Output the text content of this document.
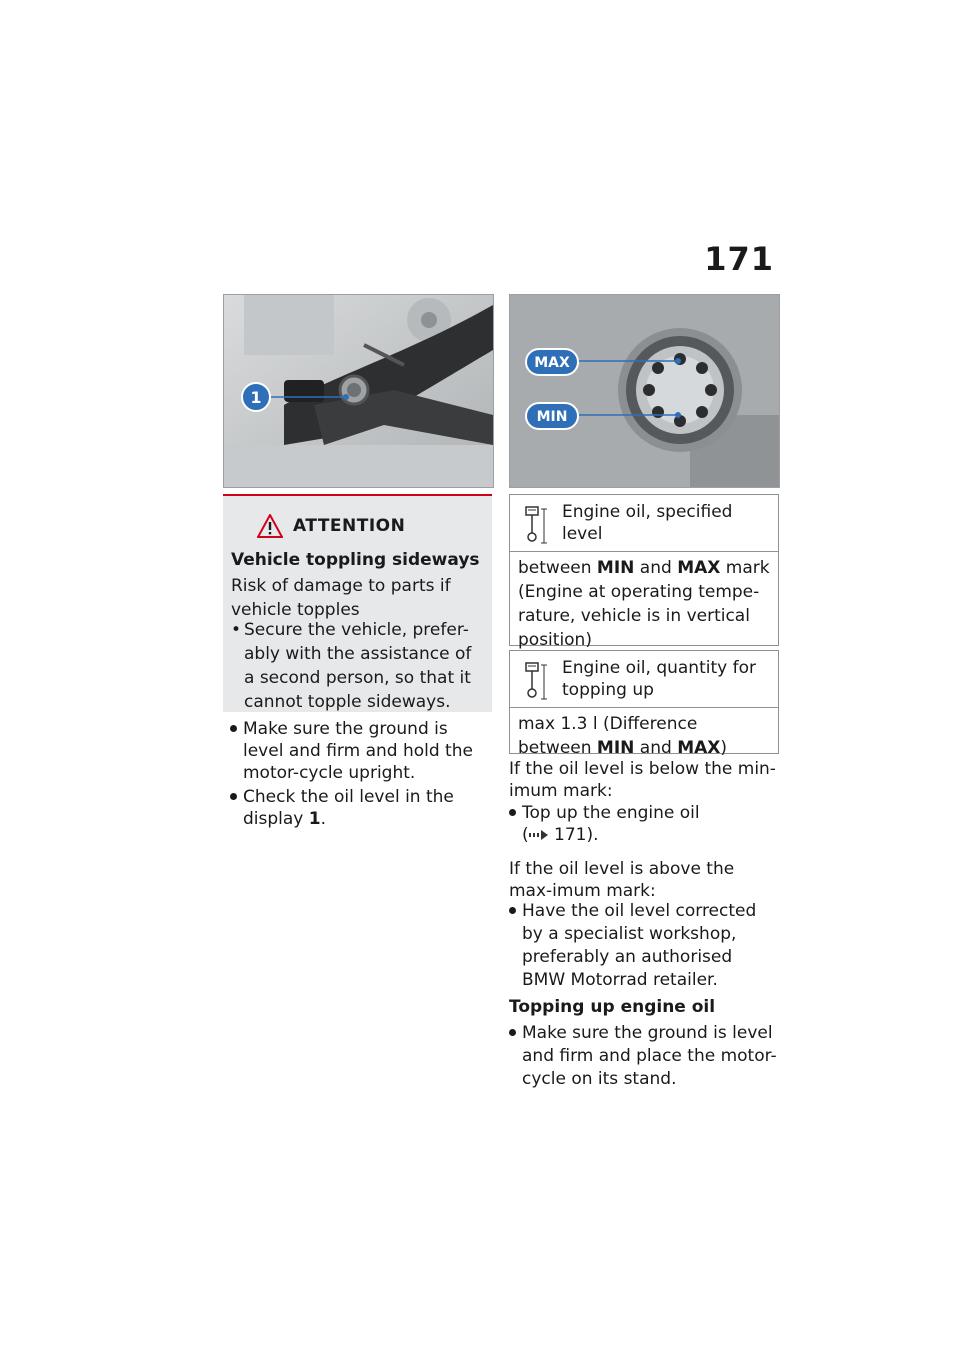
171
1
MAX
MIN
ATTENTION
Vehicle toppling sideways
Risk of damage to parts if vehicle topples
• Secure the vehicle, prefer-ably with the assistance of a second person, so that it cannot topple sideways.
Make sure the ground is level and firm and hold the motor-cycle upright.
Check the oil level in the display 1.
Engine oil, specified level
between MIN and MAX mark (Engine at operating tempe-rature, vehicle is in vertical position)
Engine oil, quantity for topping up
max 1.3 l (Difference between MIN and MAX)
If the oil level is below the min-imum mark:
Top up the engine oil
( 171).
If the oil level is above the max-imum mark:
Have the oil level corrected by a specialist workshop, preferably an authorised BMW Motorrad retailer.
Topping up engine oil
Make sure the ground is level and firm and place the motor-cycle on its stand.
